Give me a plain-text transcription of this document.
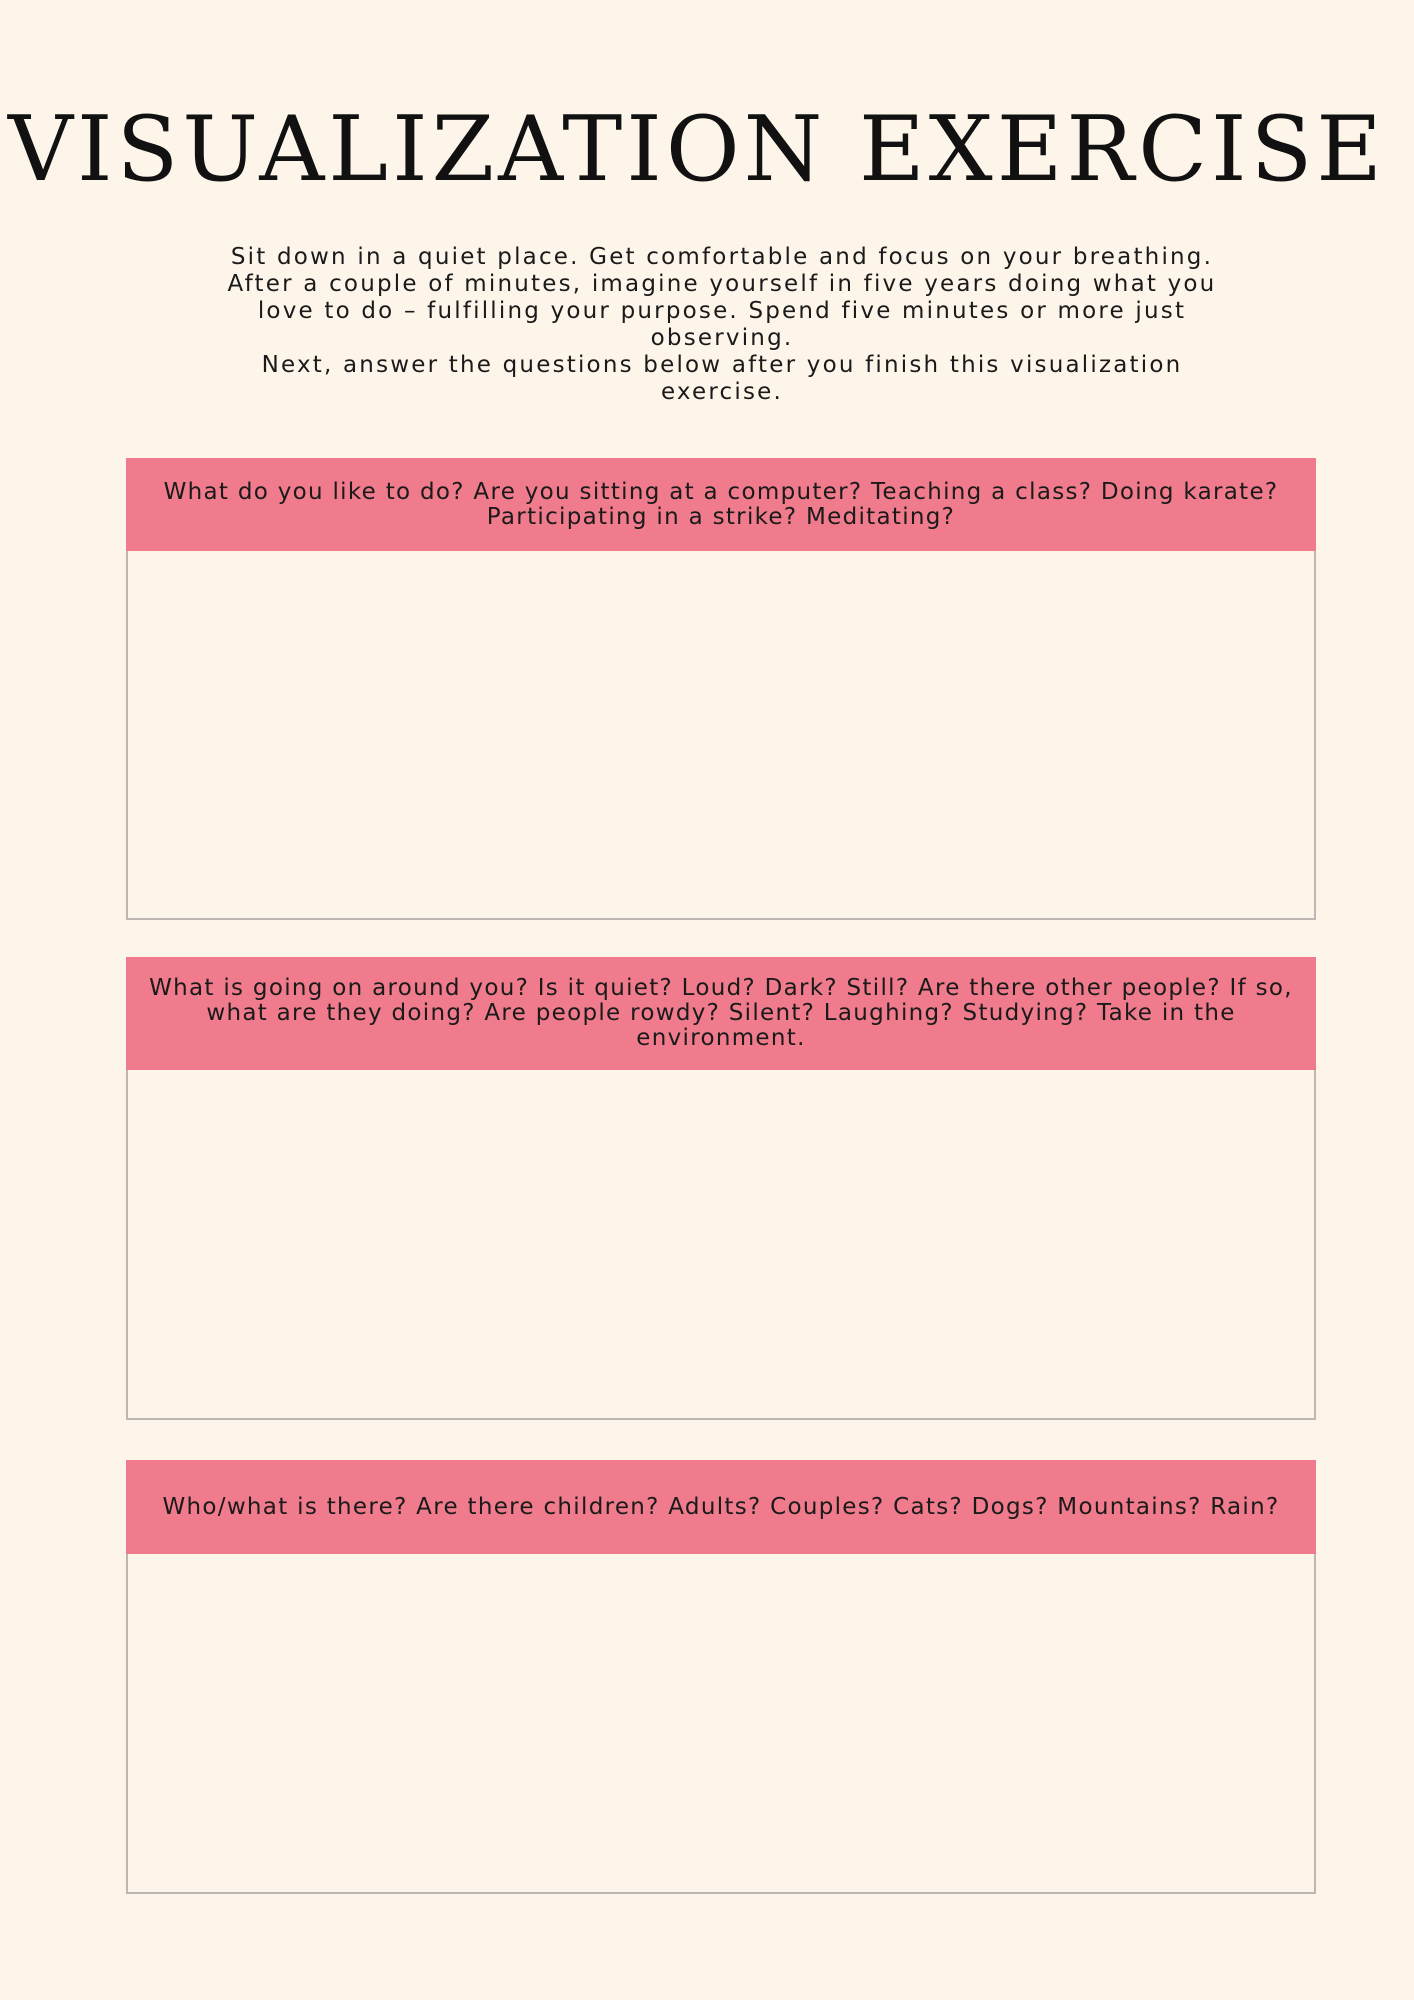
VISUALIZATION EXERCISE

Sit down in a quiet place. Get comfortable and focus on your breathing.

After a couple of minutes, imagine yourself in five years doing what you love to do – fulfilling your purpose. Spend five minutes or more just observing.

Next, answer the questions below after you finish this visualization exercise.

What do you like to do? Are you sitting at a computer? Teaching a class? Doing karate? Participating in a strike? Meditating?
What is going on around you? Is it quiet? Loud? Dark? Still? Are there other people? If so, what are they doing? Are people rowdy? Silent? Laughing? Studying? Take in the environment.
Who/what is there? Are there children? Adults? Couples? Cats? Dogs? Mountains? Rain?
